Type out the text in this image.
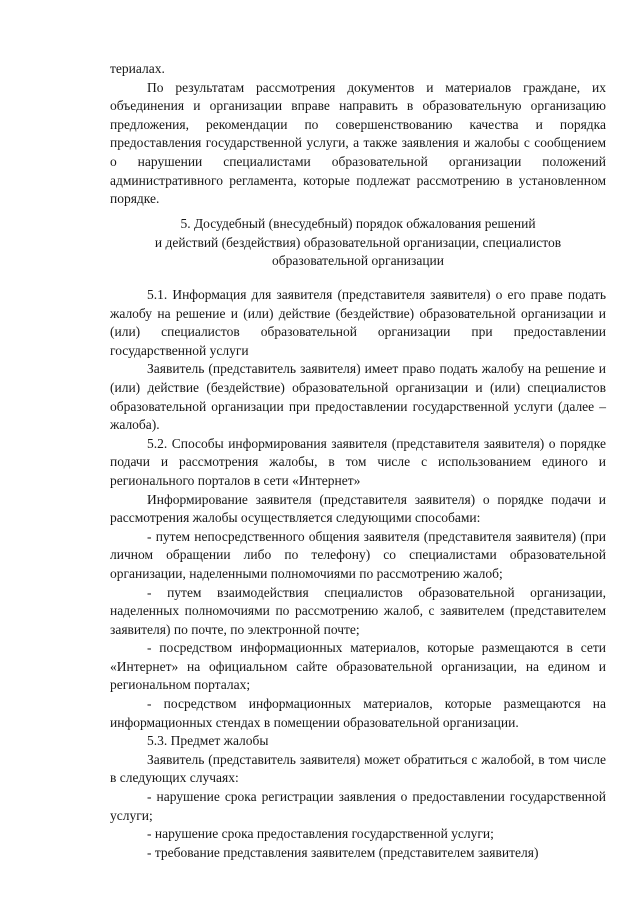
териалах.

По результатам рассмотрения документов и материалов граждане, их объединения и организации вправе направить в образовательную организацию предложения, рекомендации по совершенствованию качества и порядка предоставления государственной услуги, а также заявления и жалобы с сообщением о нарушении специалистами образовательной организации положений административного регламента, которые подлежат рассмотрению в установленном порядке.

5. Досудебный (внесудебный) порядок обжалования решений
и действий (бездействия) образовательной организации, специалистов
образовательной организации

5.1. Информация для заявителя (представителя заявителя) о его праве подать жалобу на решение и (или) действие (бездействие) образовательной организации и (или) специалистов образовательной организации при предоставлении государственной услуги

Заявитель (представитель заявителя) имеет право подать жалобу на решение и (или) действие (бездействие) образовательной организации и (или) специалистов образовательной организации при предоставлении государственной услуги (далее – жалоба).

5.2. Способы информирования заявителя (представителя заявителя) о порядке подачи и рассмотрения жалобы, в том числе с использованием единого и регионального порталов в сети «Интернет»

Информирование заявителя (представителя заявителя) о порядке подачи и рассмотрения жалобы осуществляется следующими способами:

- путем непосредственного общения заявителя (представителя заявителя) (при личном обращении либо по телефону) со специалистами образовательной организации, наделенными полномочиями по рассмотрению жалоб;

- путем взаимодействия специалистов образовательной организации, наделенных полномочиями по рассмотрению жалоб, с заявителем (представителем заявителя) по почте, по электронной почте;

- посредством информационных материалов, которые размещаются в сети «Интернет» на официальном сайте образовательной организации, на едином и региональном порталах;

- посредством информационных материалов, которые размещаются на информационных стендах в помещении образовательной организации.

5.3. Предмет жалобы

Заявитель (представитель заявителя) может обратиться с жалобой, в том числе в следующих случаях:

- нарушение срока регистрации заявления о предоставлении государственной услуги;

- нарушение срока предоставления государственной услуги;

- требование представления заявителем (представителем заявителя)
